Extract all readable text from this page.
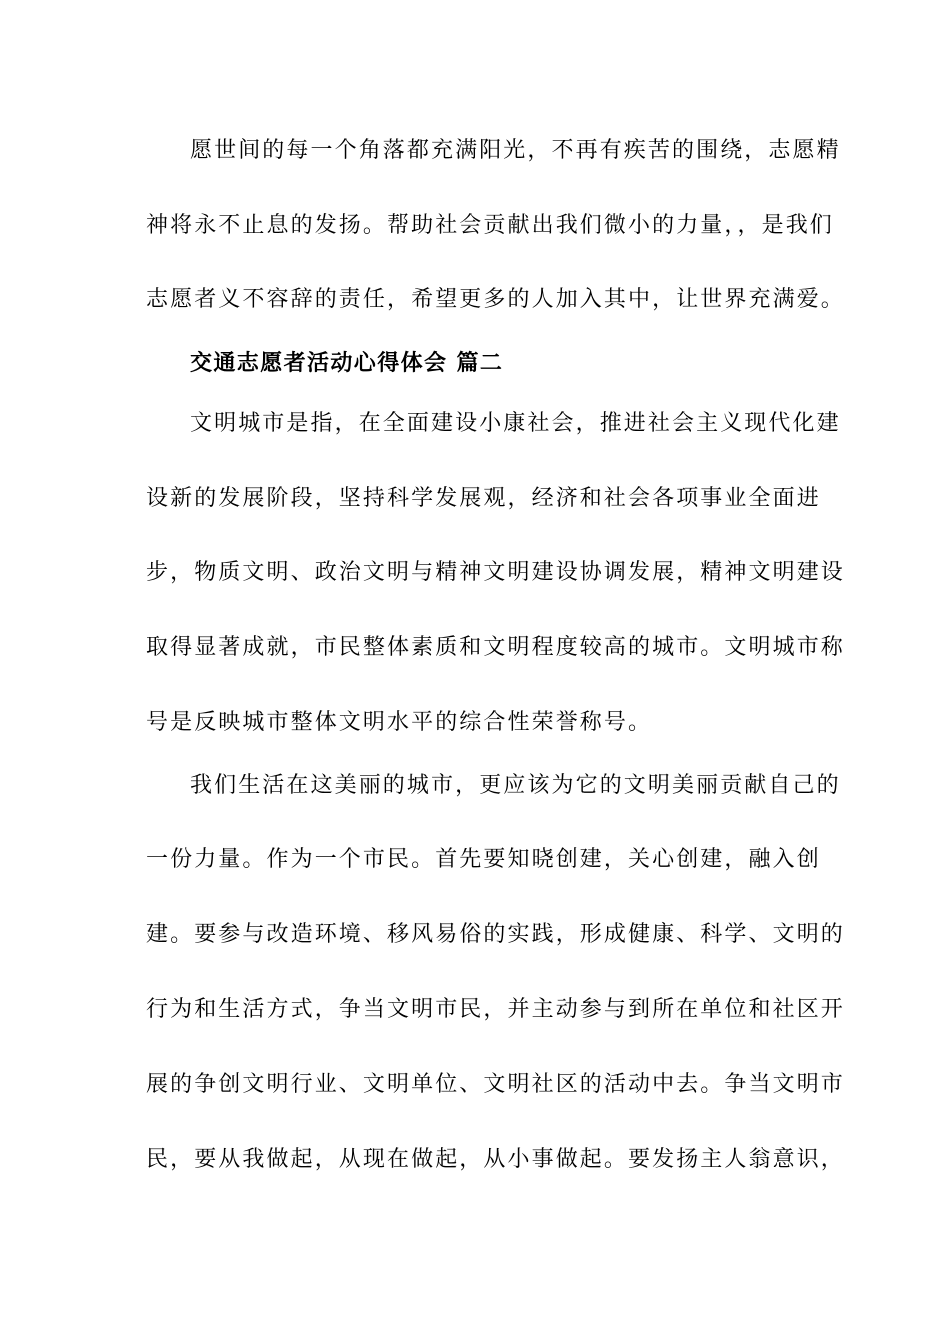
愿世间的每一个角落都充满阳光，不再有疾苦的围绕，志愿精
神将永不止息的发扬。帮助社会贡献出我们微小的力量，，是我们
志愿者义不容辞的责任，希望更多的人加入其中，让世界充满爱。
交通志愿者活动心得体会 篇二
文明城市是指，在全面建设小康社会，推进社会主义现代化建
设新的发展阶段，坚持科学发展观，经济和社会各项事业全面进
步，物质文明、政治文明与精神文明建设协调发展，精神文明建设
取得显著成就，市民整体素质和文明程度较高的城市。文明城市称
号是反映城市整体文明水平的综合性荣誉称号。
我们生活在这美丽的城市，更应该为它的文明美丽贡献自己的
一份力量。作为一个市民。首先要知晓创建，关心创建，融入创
建。要参与改造环境、移风易俗的实践，形成健康、科学、文明的
行为和生活方式，争当文明市民，并主动参与到所在单位和社区开
展的争创文明行业、文明单位、文明社区的活动中去。争当文明市
民，要从我做起，从现在做起，从小事做起。要发扬主人翁意识，
